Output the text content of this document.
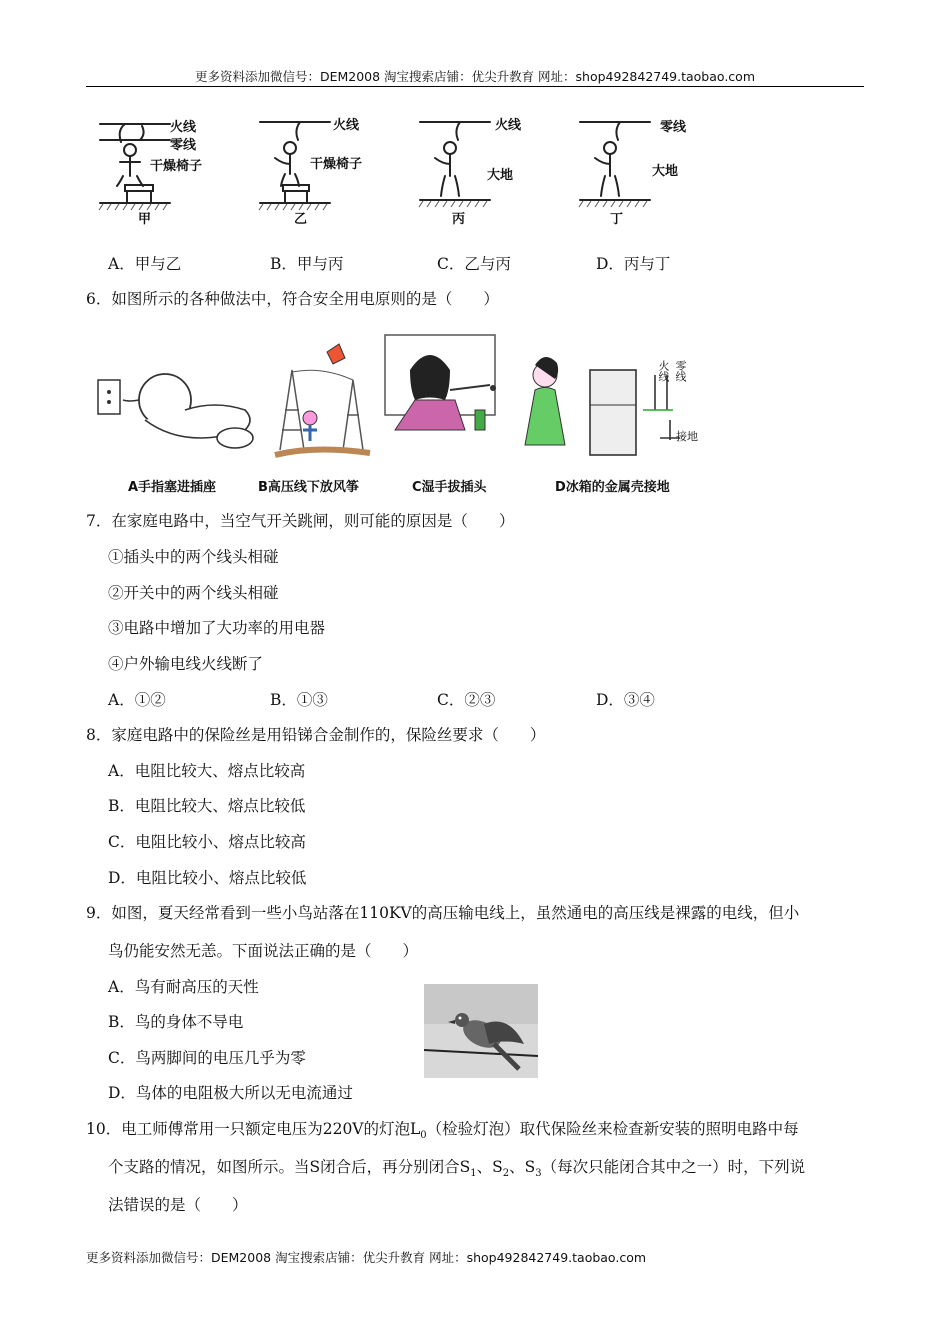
更多资料添加微信号：DEM2008 淘宝搜索店铺：优尖升教育 网址：shop492842749.taobao.com
火线
零线
干燥椅子
甲
火线
干燥椅子
乙
火线
大地
丙
零线
大地
丁
A．甲与乙	B．甲与丙	C．乙与丙	D．丙与丁
6．如图所示的各种做法中，符合安全用电原则的是（　　）
火线 零线
接地
A手指塞进插座	B高压线下放风筝	C湿手拔插头	D冰箱的金属壳接地
7．在家庭电路中，当空气开关跳闸，则可能的原因是（　　）
①插头中的两个线头相碰
②开关中的两个线头相碰
③电路中增加了大功率的用电器
④户外输电线火线断了
A．①②	B．①③	C．②③	D．③④
8．家庭电路中的保险丝是用铅锑合金制作的，保险丝要求（　　）
A．电阻比较大、熔点比较高
B．电阻比较大、熔点比较低
C．电阻比较小、熔点比较高
D．电阻比较小、熔点比较低
9．如图，夏天经常看到一些小鸟站落在110KV的高压输电线上，虽然通电的高压线是裸露的电线，但小
鸟仍能安然无恙。下面说法正确的是（　　）
A．鸟有耐高压的天性
B．鸟的身体不导电
C．鸟两脚间的电压几乎为零
D．鸟体的电阻极大所以无电流通过
10．电工师傅常用一只额定电压为220V的灯泡$L_0$（检验灯泡）取代保险丝来检查新安装的照明电路中每
个支路的情况，如图所示。当S闭合后，再分别闭合$S_1$、$S_2$、$S_3$（每次只能闭合其中之一）时，下列说
法错误的是（　　）
更多资料添加微信号：DEM2008 淘宝搜索店铺：优尖升教育 网址：shop492842749.taobao.com
